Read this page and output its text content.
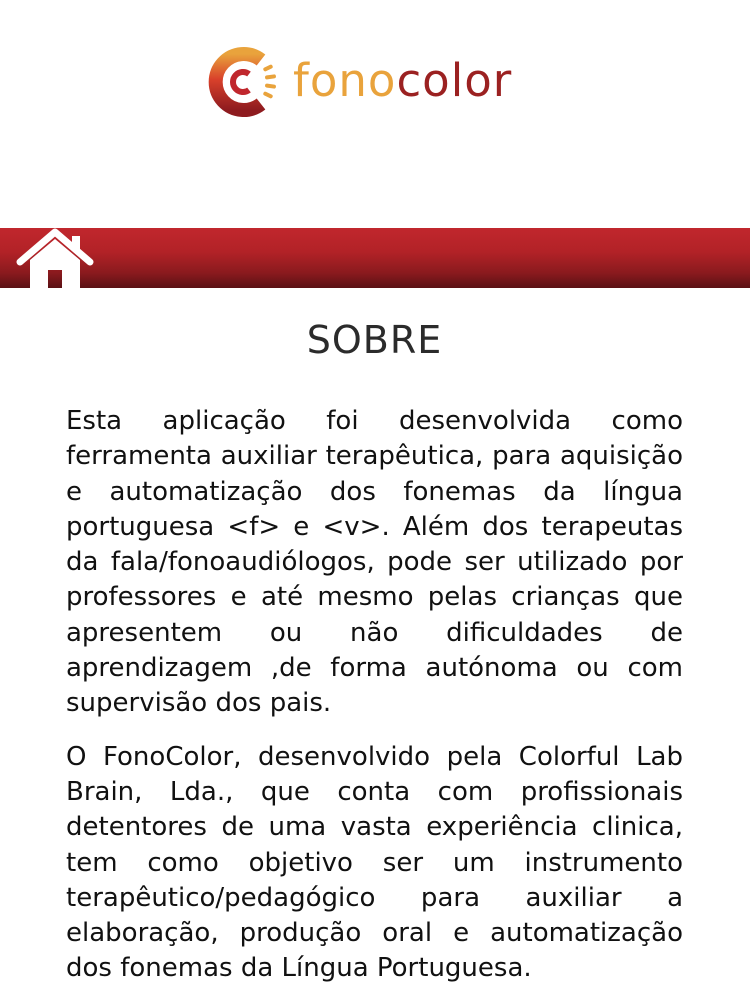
fonocolor
SOBRE

Esta aplicação foi desenvolvida como ferramenta auxiliar terapêutica, para aquisição e automatização dos fonemas da língua portuguesa <f> e <v>. Além dos terapeutas da fala/fonoaudiólogos, pode ser utilizado por professores e até mesmo pelas crianças que apresentem ou não dificuldades de aprendizagem ,de forma autónoma ou com supervisão dos pais.

O FonoColor, desenvolvido pela Colorful Lab Brain, Lda., que conta com profissionais detentores de uma vasta experiência clinica, tem como objetivo ser um instrumento terapêutico/pedagógico para auxiliar a elaboração, produção oral e automatização dos fonemas da Língua Portuguesa.
